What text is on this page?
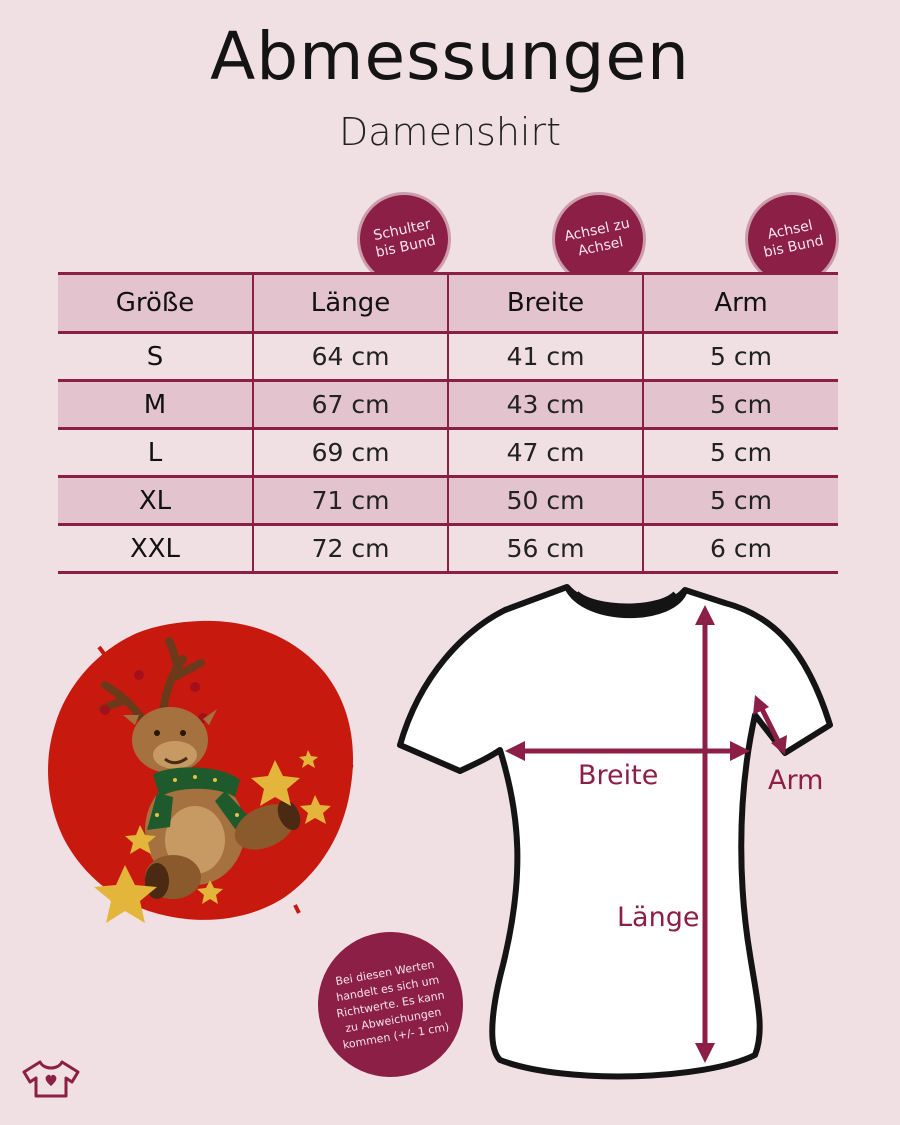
Abmessungen
Damenshirt
Schulter bis Bund
Achsel zu Achsel
Achsel bis Bund
Größe	Länge	Breite	Arm
S	64 cm	41 cm	5 cm
M	67 cm	43 cm	5 cm
L	69 cm	47 cm	5 cm
XL	71 cm	50 cm	5 cm
XXL	72 cm	56 cm	6 cm
Breite	Arm
Länge
Bei diesen Werten handelt es sich um Richtwerte. Es kann zu Abweichungen kommen (+/- 1 cm)
